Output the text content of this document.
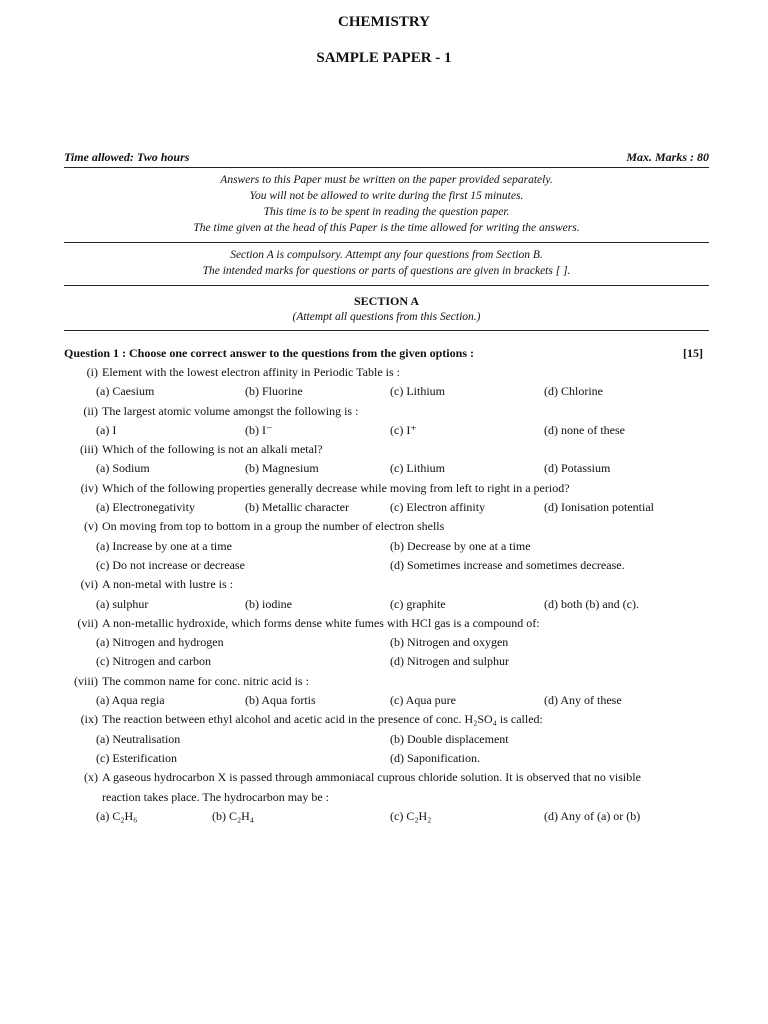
CHEMISTRY
SAMPLE PAPER - 1
Time allowed: Two hours	Max. Marks : 80
Answers to this Paper must be written on the paper provided separately.
You will not be allowed to write during the first 15 minutes.
This time is to be spent in reading the question paper.
The time given at the head of this Paper is the time allowed for writing the answers.
Section A is compulsory. Attempt any four questions from Section B.
The intended marks for questions or parts of questions are given in brackets [ ].
SECTION A
(Attempt all questions from this Section.)
Question 1 : Choose one correct answer to the questions from the given options :	[15]
(i) Element with the lowest electron affinity in Periodic Table is :
(a) Caesium	(b) Fluorine	(c) Lithium	(d) Chlorine
(ii) The largest atomic volume amongst the following is :
(a) I	(b) I⁻	(c) I⁺	(d) none of these
(iii) Which of the following is not an alkali metal?
(a) Sodium	(b) Magnesium	(c) Lithium	(d) Potassium
(iv) Which of the following properties generally decrease while moving from left to right in a period?
(a) Electronegativity	(b) Metallic character	(c) Electron affinity	(d) Ionisation potential
(v) On moving from top to bottom in a group the number of electron shells
(a) Increase by one at a time	(b) Decrease by one at a time
(c) Do not increase or decrease	(d) Sometimes increase and sometimes decrease.
(vi) A non-metal with lustre is :
(a) sulphur	(b) iodine	(c) graphite	(d) both (b) and (c).
(vii) A non-metallic hydroxide, which forms dense white fumes with HCl gas is a compound of:
(a) Nitrogen and hydrogen	(b) Nitrogen and oxygen
(c) Nitrogen and carbon	(d) Nitrogen and sulphur
(viii) The common name for conc. nitric acid is :
(a) Aqua regia	(b) Aqua fortis	(c) Aqua pure	(d) Any of these
(ix) The reaction between ethyl alcohol and acetic acid in the presence of conc. H₂SO₄ is called:
(a) Neutralisation	(b) Double displacement
(c) Esterification	(d) Saponification.
(x) A gaseous hydrocarbon X is passed through ammoniacal cuprous chloride solution. It is observed that no visible
reaction takes place. The hydrocarbon may be :
(a) C₂H₆	(b) C₂H₄	(c) C₂H₂	(d) Any of (a) or (b)
